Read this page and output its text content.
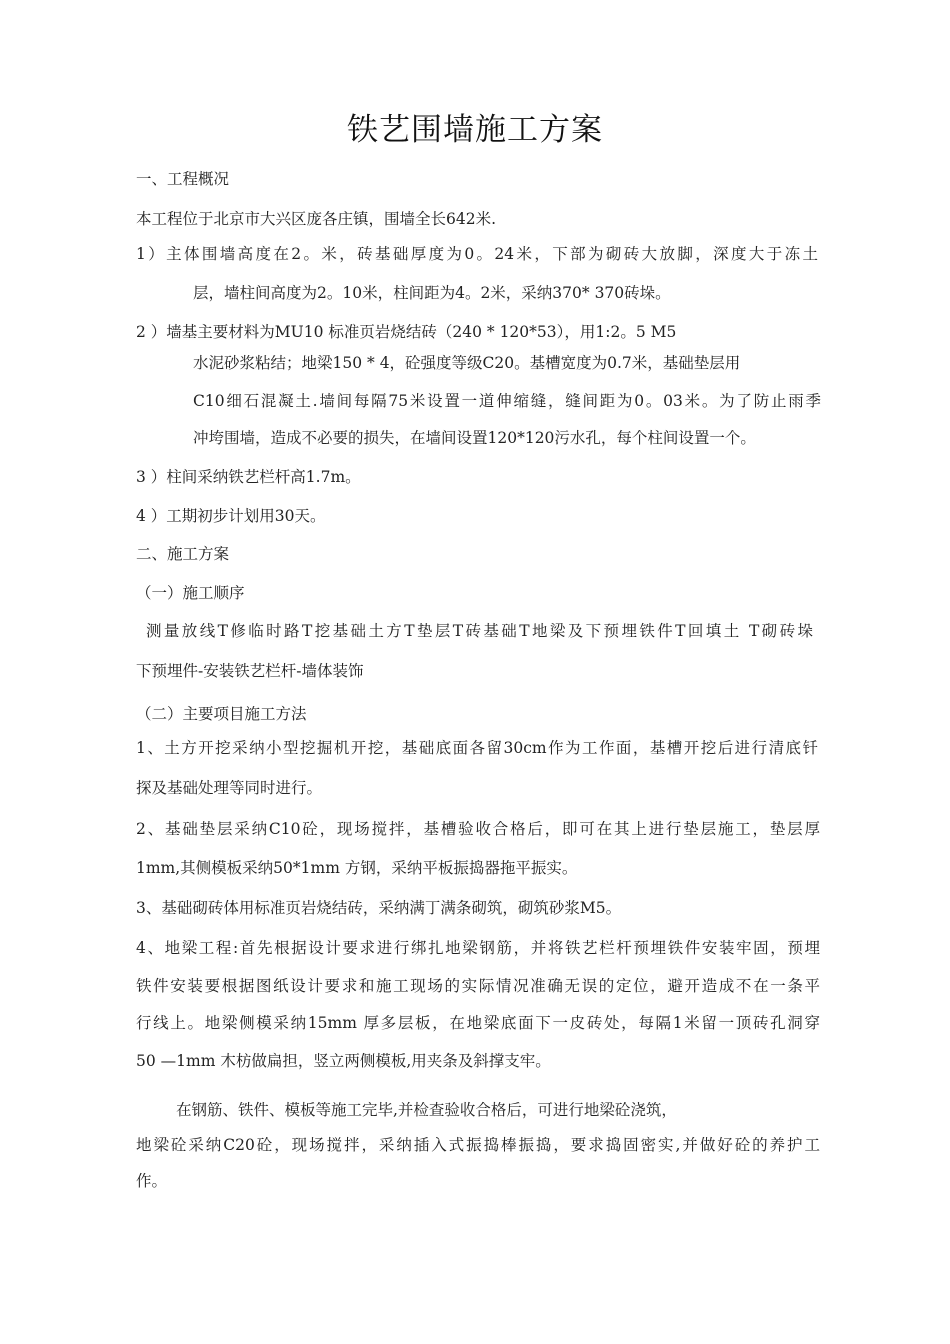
铁艺围墙施工方案
一、工程概况
本工程位于北京市大兴区庞各庄镇，围墙全长642米.
1）主体围墙高度在2。米，砖基础厚度为0。24米，下部为砌砖大放脚，深度大于冻土
层，墙柱间高度为2。10米，柱间距为4。2米，采纳370* 370砖垛。
2 ）墙基主要材料为MU10 标准页岩烧结砖（240 * 120*53），用1:2。5 M5
水泥砂浆粘结；地梁150 * 4，砼强度等级C20。基槽宽度为0.7米，基础垫层用
C10细石混凝土.墙间每隔75米设置一道伸缩缝，缝间距为0。03米。为了防止雨季
冲垮围墙，造成不必要的损失，在墙间设置120*120污水孔，每个柱间设置一个。
3 ）柱间采纳铁艺栏杆高1.7m。
4 ）工期初步计划用30天。
二、施工方案
（一）施工顺序
测量放线T修临时路T挖基础土方T垫层T砖基础T地梁及下预埋铁件T回填土 T砌砖垛
下预埋件-安装铁艺栏杆-墙体装饰
（二）主要项目施工方法
1、土方开挖采纳小型挖掘机开挖，基础底面各留30cm作为工作面，基槽开挖后进行清底钎
探及基础处理等同时进行。
2、基础垫层采纳C10砼，现场搅拌，基槽验收合格后，即可在其上进行垫层施工，垫层厚
1mm,其侧模板采纳50*1mm 方钢，采纳平板振捣器拖平振实。
3、基础砌砖体用标准页岩烧结砖，采纳满丁满条砌筑，砌筑砂浆M5。
4、地梁工程:首先根据设计要求进行绑扎地梁钢筋，并将铁艺栏杆预埋铁件安装牢固，预埋
铁件安装要根据图纸设计要求和施工现场的实际情况准确无误的定位，避开造成不在一条平
行线上。地梁侧模采纳15mm 厚多层板，在地梁底面下一皮砖处，每隔1米留一顶砖孔洞穿
50 —1mm 木枋做扁担，竖立两侧模板,用夹条及斜撑支牢。
在钢筋、铁件、模板等施工完毕,并检查验收合格后，可进行地梁砼浇筑，
地梁砼采纳C20砼，现场搅拌，采纳插入式振捣棒振捣，要求捣固密实,并做好砼的养护工
作。
